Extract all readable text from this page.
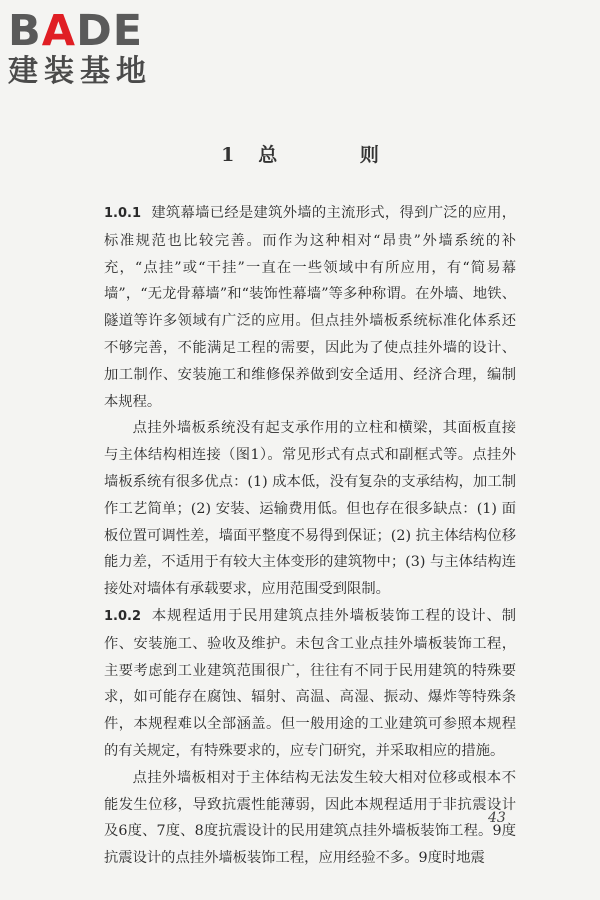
BADE
建装基地
1 总 则

1.0.1 建筑幕墙已经是建筑外墙的主流形式，得到广泛的应用，标准规范也比较完善。而作为这种相对“昂贵”外墙系统的补充，“点挂”或“干挂”一直在一些领域中有所应用，有“简易幕墙”，“无龙骨幕墙”和“装饰性幕墙”等多种称谓。在外墙、地铁、隧道等许多领域有广泛的应用。但点挂外墙板系统标准化体系还不够完善，不能满足工程的需要，因此为了使点挂外墙的设计、加工制作、安装施工和维修保养做到安全适用、经济合理，编制本规程。

点挂外墙板系统没有起支承作用的立柱和横梁，其面板直接与主体结构相连接（图1）。常见形式有点式和副框式等。点挂外墙板系统有很多优点：(1) 成本低，没有复杂的支承结构，加工制作工艺简单；(2) 安装、运输费用低。但也存在很多缺点：(1) 面板位置可调性差，墙面平整度不易得到保证；(2) 抗主体结构位移能力差，不适用于有较大主体变形的建筑物中；(3) 与主体结构连接处对墙体有承载要求，应用范围受到限制。

1.0.2 本规程适用于民用建筑点挂外墙板装饰工程的设计、制作、安装施工、验收及维护。未包含工业点挂外墙板装饰工程，主要考虑到工业建筑范围很广，往往有不同于民用建筑的特殊要求，如可能存在腐蚀、辐射、高温、高湿、振动、爆炸等特殊条件，本规程难以全部涵盖。但一般用途的工业建筑可参照本规程的有关规定，有特殊要求的，应专门研究，并采取相应的措施。

点挂外墙板相对于主体结构无法发生较大相对位移或根本不能发生位移，导致抗震性能薄弱，因此本规程适用于非抗震设计及6度、7度、8度抗震设计的民用建筑点挂外墙板装饰工程。9度抗震设计的点挂外墙板装饰工程，应用经验不多。9度时地震

43
